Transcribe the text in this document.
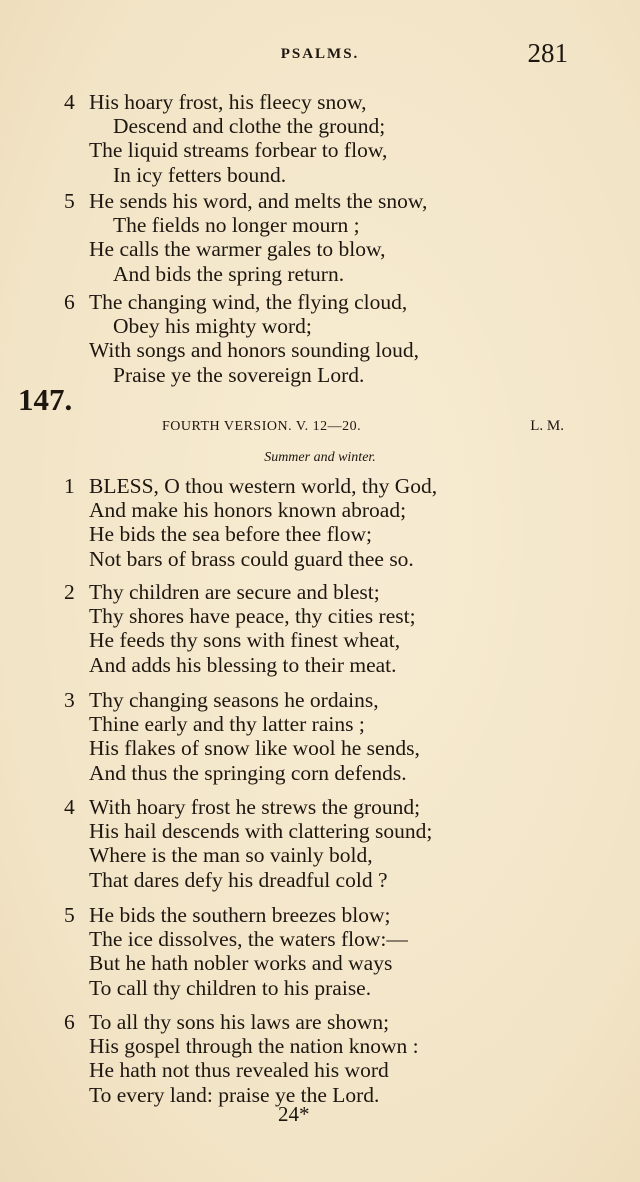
PSALMS.	281
4 His hoary frost, his fleecy snow,
Descend and clothe the ground;
The liquid streams forbear to flow,
In icy fetters bound.
5 He sends his word, and melts the snow,
The fields no longer mourn ;
He calls the warmer gales to blow,
And bids the spring return.
6 The changing wind, the flying cloud,
Obey his mighty word;
With songs and honors sounding loud,
Praise ye the sovereign Lord.
147.
FOURTH VERSION. V. 12—20.	L. M.
Summer and winter.
1 BLESS, O thou western world, thy God,
And make his honors known abroad;
He bids the sea before thee flow;
Not bars of brass could guard thee so.
2 Thy children are secure and blest;
Thy shores have peace, thy cities rest;
He feeds thy sons with finest wheat,
And adds his blessing to their meat.
3 Thy changing seasons he ordains,
Thine early and thy latter rains ;
His flakes of snow like wool he sends,
And thus the springing corn defends.
4 With hoary frost he strews the ground;
His hail descends with clattering sound;
Where is the man so vainly bold,
That dares defy his dreadful cold ?
5 He bids the southern breezes blow;
The ice dissolves, the waters flow:—
But he hath nobler works and ways
To call thy children to his praise.
6 To all thy sons his laws are shown;
His gospel through the nation known :
He hath not thus revealed his word
To every land: praise ye the Lord.
24*
